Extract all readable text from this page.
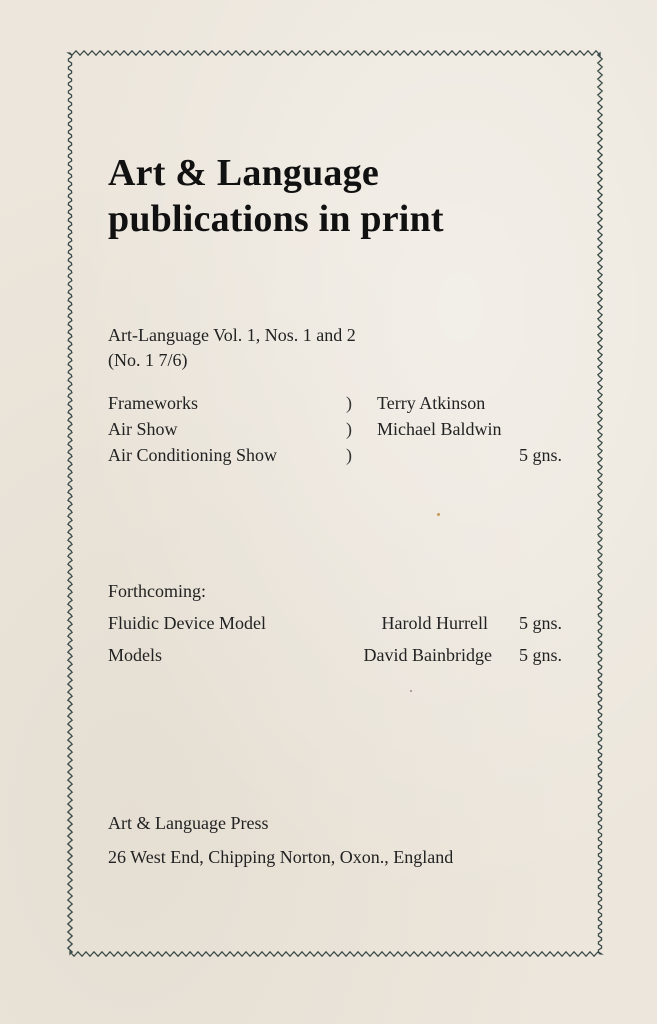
Art & Language
publications in print
Art-Language Vol. 1, Nos. 1 and 2
(No. 1 7/6)
Frameworks	) Terry Atkinson
Air Show	) Michael Baldwin
Air Conditioning Show	)	5 gns.
Forthcoming:
Fluidic Device Model	Harold Hurrell	5 gns.
Models	David Bainbridge	5 gns.
Art & Language Press
26 West End, Chipping Norton, Oxon., England
